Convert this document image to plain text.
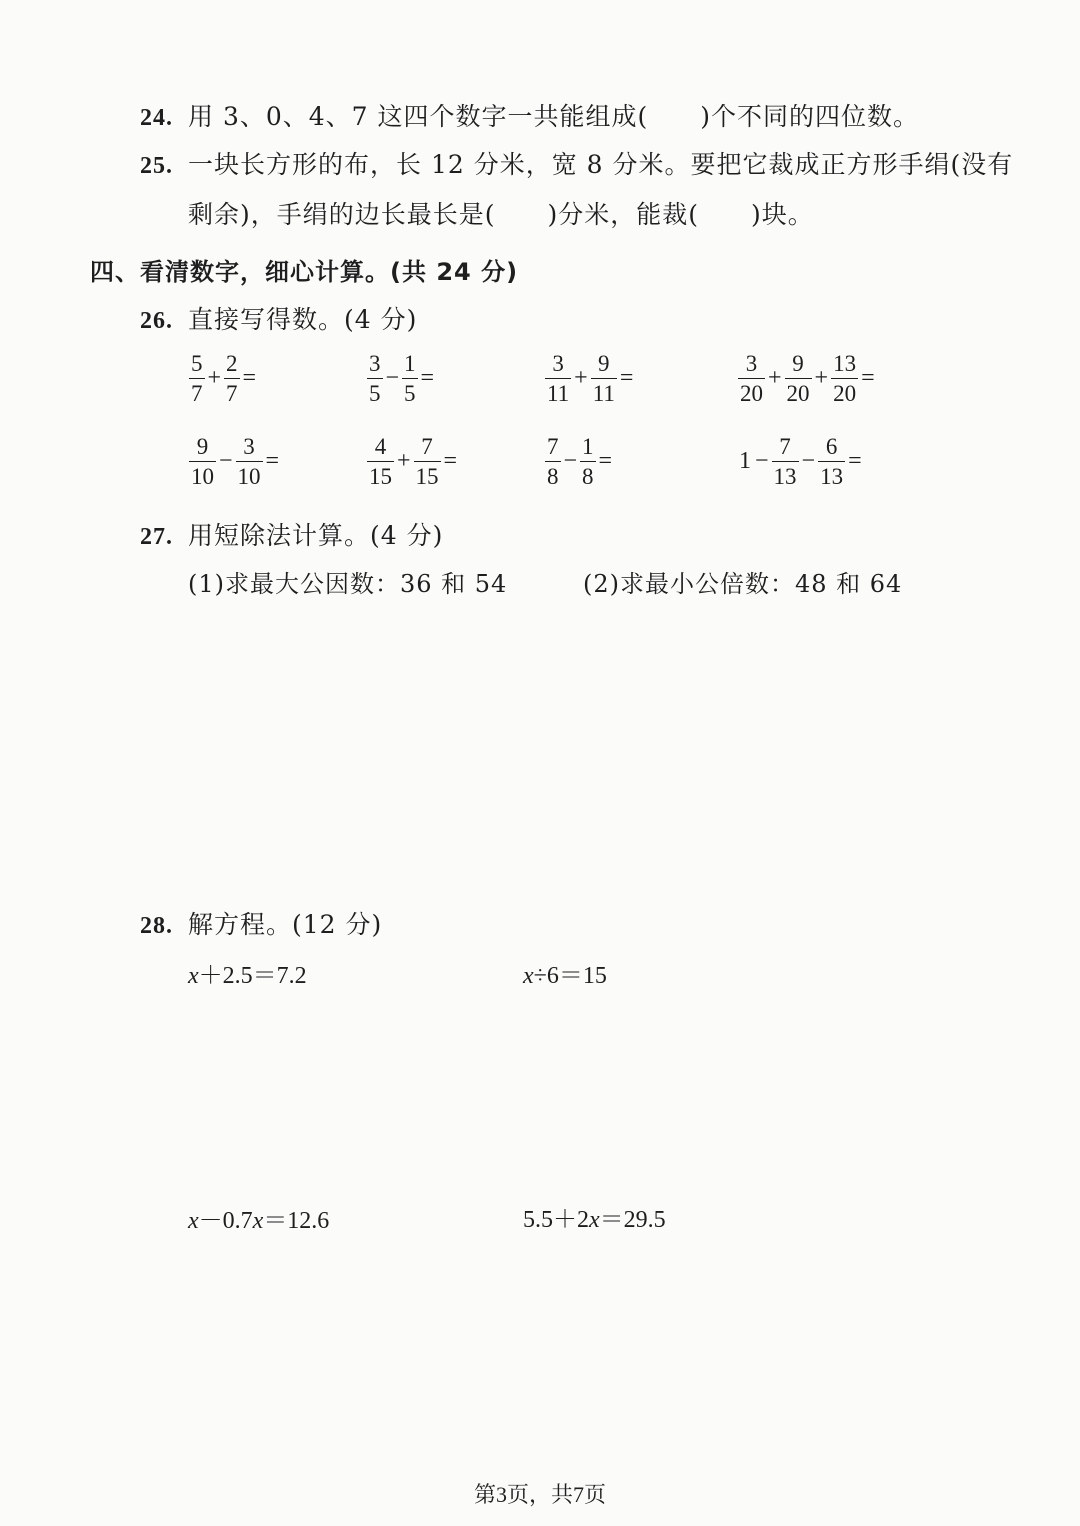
24. 用 3、0、4、7 这四个数字一共能组成(　　)个不同的四位数。
25. 一块长方形的布，长 12 分米，宽 8 分米。要把它裁成正方形手绢(没有
剩余)，手绢的边长最长是(　　)分米，能裁(　　)块。
四、看清数字，细心计算。(共 24 分)
26. 直接写得数。(4 分)
$\frac{5}{7} + \frac{2}{7}$ =	$\frac{3}{5} - \frac{1}{5}$ =	$\frac{3}{11} + \frac{9}{11}$ =	$\frac{3}{20} + \frac{9}{20} + \frac{13}{20}$ =
$\frac{9}{10} - \frac{3}{10}$ =	$\frac{4}{15} + \frac{7}{15}$ =	$\frac{7}{8} - \frac{1}{8}$ =	$1 - \frac{7}{13} - \frac{6}{13}$ =
27. 用短除法计算。(4 分)
(1)求最大公因数：36 和 54	(2)求最小公倍数：48 和 64
28. 解方程。(12 分)
x＋2.5＝7.2	x÷6＝15
x－0.7x＝12.6	5.5＋2x＝29.5
第3页，共7页
